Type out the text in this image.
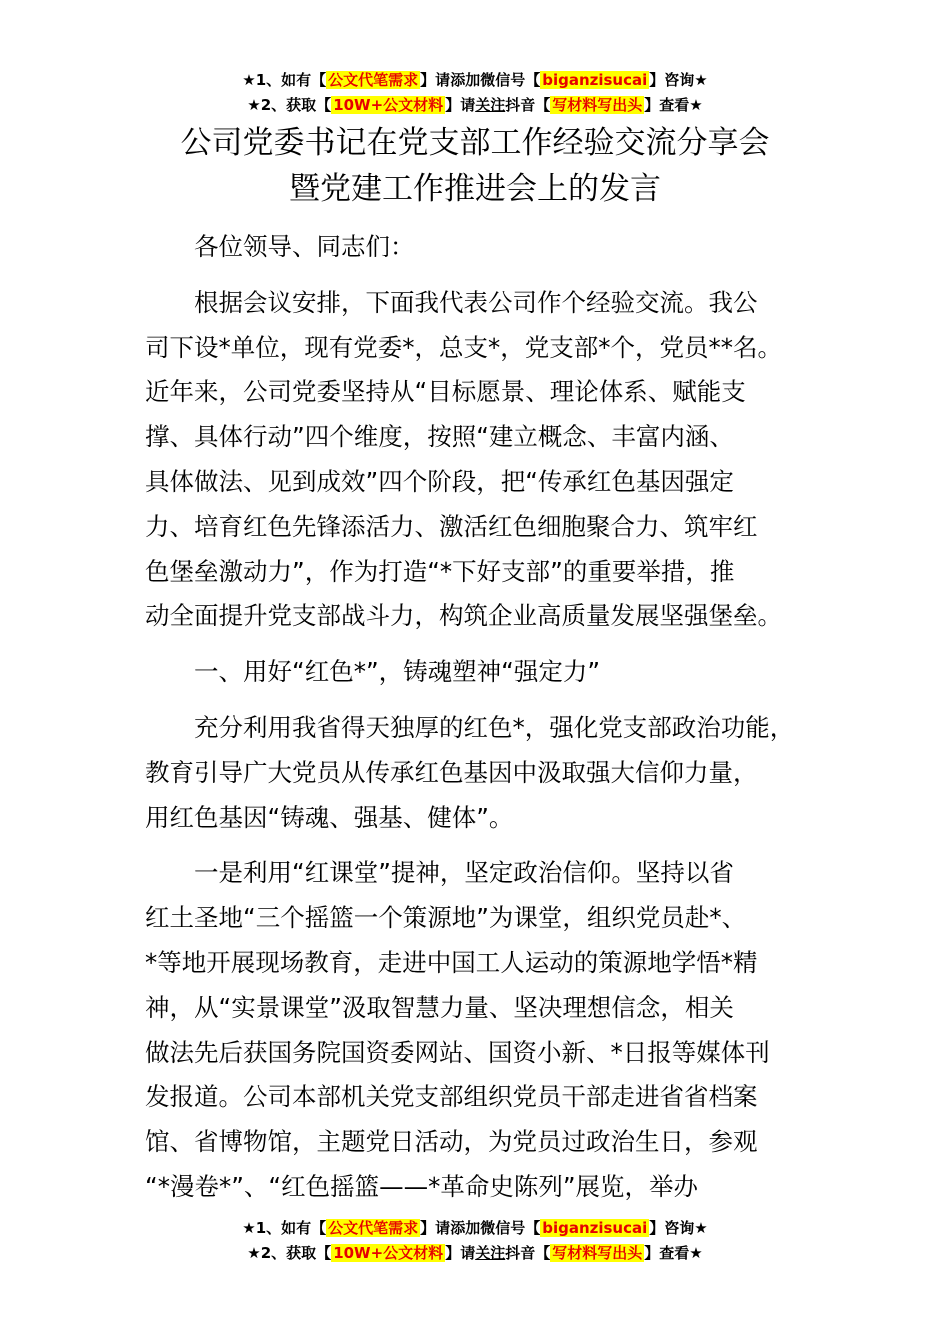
★1、如有【 公文代笔需求 】请添加微信号【 biganzisucai 】咨询★
★2、获取【 10W+公文材料 】请关注抖音【 写材料写出头 】查看★
公司党委书记在党支部工作经验交流分享会
暨党建工作推进会上的发言

各位领导、同志们：

根据会议安排，下面我代表公司作个经验交流。我公
司下设*单位，现有党委*，总支*，党支部*个，党员**名。
近年来，公司党委坚持从“目标愿景、理论体系、赋能支
撑、具体行动”四个维度，按照“建立概念、丰富内涵、
具体做法、见到成效”四个阶段，把“传承红色基因强定
力、培育红色先锋添活力、激活红色细胞聚合力、筑牢红
色堡垒激动力”，作为打造“*下好支部”的重要举措，推
动全面提升党支部战斗力，构筑企业高质量发展坚强堡垒。

一、用好“红色*”，铸魂塑神“强定力”

充分利用我省得天独厚的红色*，强化党支部政治功能，
教育引导广大党员从传承红色基因中汲取强大信仰力量，
用红色基因“铸魂、强基、健体”。

一是利用“红课堂”提神，坚定政治信仰。坚持以省
红土圣地“三个摇篮一个策源地”为课堂，组织党员赴*、
*等地开展现场教育，走进中国工人运动的策源地学悟*精
神，从“实景课堂”汲取智慧力量、坚决理想信念，相关
做法先后获国务院国资委网站、国资小新、*日报等媒体刊
发报道。公司本部机关党支部组织党员干部走进省省档案
馆、省博物馆，主题党日活动，为党员过政治生日，参观
“*漫卷*”、“红色摇篮——*革命史陈列”展览，举办

★1、如有【 公文代笔需求 】请添加微信号【 biganzisucai 】咨询★
★2、获取【 10W+公文材料 】请关注抖音【 写材料写出头 】查看★
